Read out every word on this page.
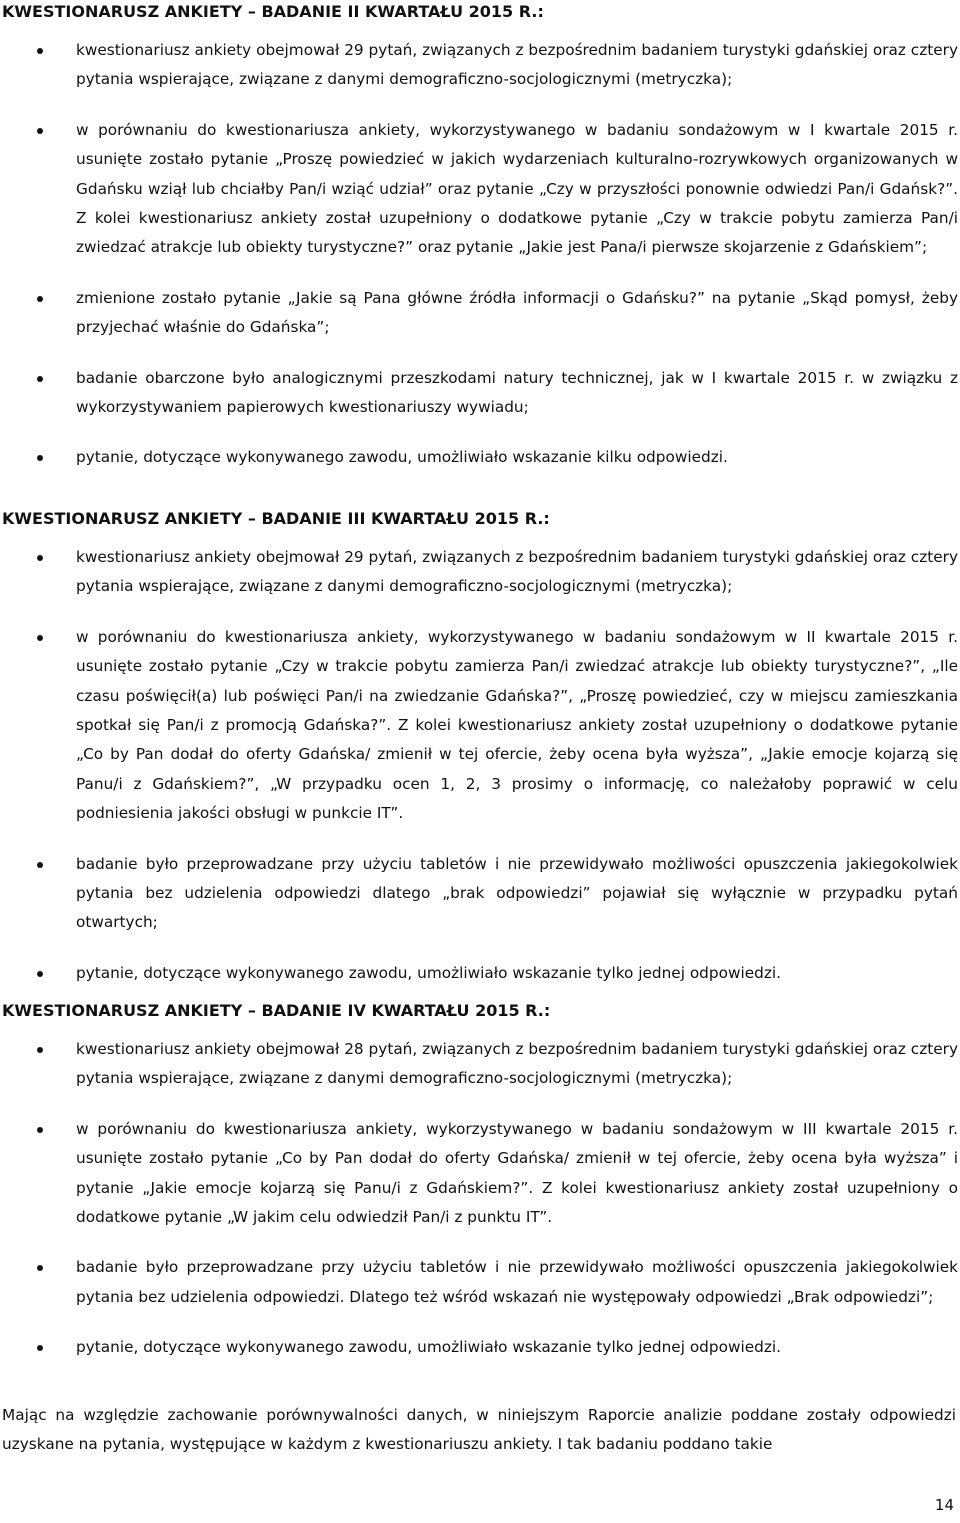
KWESTIONARUSZ ANKIETY – BADANIE II KWARTAŁU 2015 R.:
kwestionariusz ankiety obejmował 29 pytań, związanych z bezpośrednim badaniem turystyki gdańskiej oraz cztery pytania wspierające, związane z danymi demograficzno-socjologicznymi (metryczka);
w porównaniu do kwestionariusza ankiety, wykorzystywanego w badaniu sondażowym w I kwartale 2015 r. usunięte zostało pytanie „Proszę powiedzieć w jakich wydarzeniach kulturalno-rozrywkowych organizowanych w Gdańsku wziął lub chciałby Pan/i wziąć udział” oraz pytanie „Czy w przyszłości ponownie odwiedzi Pan/i Gdańsk?”. Z kolei kwestionariusz ankiety został uzupełniony o dodatkowe pytanie „Czy w trakcie pobytu zamierza Pan/i zwiedzać atrakcje lub obiekty turystyczne?” oraz pytanie „Jakie jest Pana/i pierwsze skojarzenie z Gdańskiem”;
zmienione zostało pytanie „Jakie są Pana główne źródła informacji o Gdańsku?” na pytanie „Skąd pomysł, żeby przyjechać właśnie do Gdańska”;
badanie obarczone było analogicznymi przeszkodami natury technicznej, jak w I kwartale 2015 r. w związku z wykorzystywaniem papierowych kwestionariuszy wywiadu;
pytanie, dotyczące wykonywanego zawodu, umożliwiało wskazanie kilku odpowiedzi.
KWESTIONARUSZ ANKIETY – BADANIE III KWARTAŁU 2015 R.:
kwestionariusz ankiety obejmował 29 pytań, związanych z bezpośrednim badaniem turystyki gdańskiej oraz cztery pytania wspierające, związane z danymi demograficzno-socjologicznymi (metryczka);
w porównaniu do kwestionariusza ankiety, wykorzystywanego w badaniu sondażowym w II kwartale 2015 r. usunięte zostało pytanie „Czy w trakcie pobytu zamierza Pan/i zwiedzać atrakcje lub obiekty turystyczne?”, „Ile czasu poświęcił(a) lub poświęci Pan/i na zwiedzanie Gdańska?”, „Proszę powiedzieć, czy w miejscu zamieszkania spotkał się Pan/i z promocją Gdańska?”. Z kolei kwestionariusz ankiety został uzupełniony o dodatkowe pytanie „Co by Pan dodał do oferty Gdańska/ zmienił w tej ofercie, żeby ocena była wyższa”, „Jakie emocje kojarzą się Panu/i z Gdańskiem?”, „W przypadku ocen 1, 2, 3 prosimy o informację, co należałoby poprawić w celu podniesienia jakości obsługi w punkcie IT”.
badanie było przeprowadzane przy użyciu tabletów i nie przewidywało możliwości opuszczenia jakiegokolwiek pytania bez udzielenia odpowiedzi dlatego „brak odpowiedzi” pojawiał się wyłącznie w przypadku pytań otwartych;
pytanie, dotyczące wykonywanego zawodu, umożliwiało wskazanie tylko jednej odpowiedzi.
KWESTIONARUSZ ANKIETY – BADANIE IV KWARTAŁU 2015 R.:
kwestionariusz ankiety obejmował 28 pytań, związanych z bezpośrednim badaniem turystyki gdańskiej oraz cztery pytania wspierające, związane z danymi demograficzno-socjologicznymi (metryczka);
w porównaniu do kwestionariusza ankiety, wykorzystywanego w badaniu sondażowym w III kwartale 2015 r. usunięte zostało pytanie „Co by Pan dodał do oferty Gdańska/ zmienił w tej ofercie, żeby ocena była wyższa” i pytanie „Jakie emocje kojarzą się Panu/i z Gdańskiem?”. Z kolei kwestionariusz ankiety został uzupełniony o dodatkowe pytanie „W jakim celu odwiedził Pan/i z punktu IT”.
badanie było przeprowadzane przy użyciu tabletów i nie przewidywało możliwości opuszczenia jakiegokolwiek pytania bez udzielenia odpowiedzi. Dlatego też wśród wskazań nie występowały odpowiedzi „Brak odpowiedzi”;
pytanie, dotyczące wykonywanego zawodu, umożliwiało wskazanie tylko jednej odpowiedzi.

Mając na względzie zachowanie porównywalności danych, w niniejszym Raporcie analizie poddane zostały odpowiedzi uzyskane na pytania, występujące w każdym z kwestionariuszu ankiety. I tak badaniu poddano takie

14
